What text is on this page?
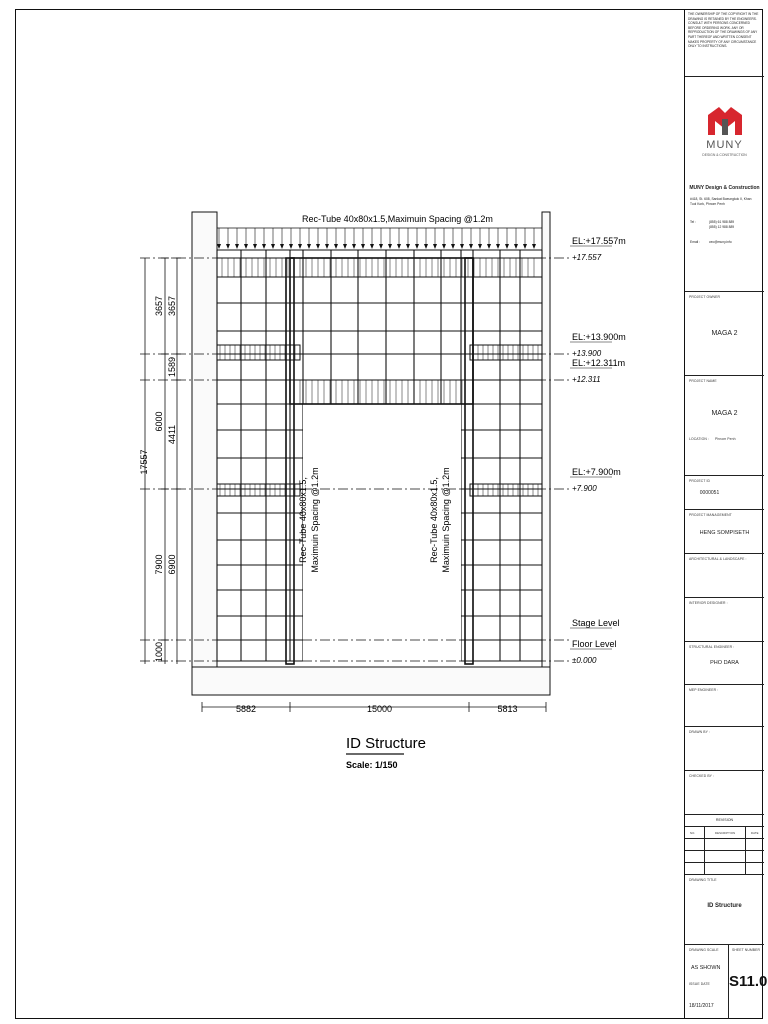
EL:+17.557m
+17.557
EL:+13.900m
+13.900
EL:+12.311m
+12.311
EL:+7.900m
+7.900
Stage Level
Floor Level
±0.000
Rec-Tube 40x80x1.5,Maximuin Spacing @1.2m
Rec-Tube 40x80x1.5, Maximuin Spacing @1.2m	Rec-Tube 40x80x1.5, Maximuin Spacing @1.2m
17557
3657
6000
7900
1000
3657
1589
4411
6900
5882	15000	5813
ID Structure
Scale: 1/150
THE OWNERSHIP OF THE COPYRIGHT IN THE DRAWING IS RETAINED BY THE ENGINEERS. CONSULT WITH PERSONS CONCERNED BEFORE ORDERING WORK. ANY OR REPRODUCTION OF THE DRAWINGS OF ANY PART THEREOF AND WRITTEN CONSENT MAKES PROPERTY OF ANY CIRCUMSTANCE ONLY TO INSTRUCTIONS.
MUNY
DESIGN & CONSTRUCTION
MUNY Design & Construction
#418, St. 608, Sankat Boeungkok II, Khan
Tuol Kork, Phnom Penh
Tel :	(855) 61 988 889
(855) 12 988 889
Email :	ceo@muny.info
PROJECT OWNER
MAGA 2
PROJECT NAME
MAGA 2
LOCATION : Phnom Penh
PROJECT ID
0000051
PROJECT MANAGEMENT
HENG SOMPISETH
ARCHITECTURAL & LANDSCAPE :
INTERIOR DESIGNER :
STRUCTURAL ENGINEER :
PHO DARA
MEP ENGINEER :
DRAWN BY :
CHECKED BY :
REVISION
NO.	DESCRIPTION	DATE
DRAWING TITLE
ID Structure
DRAWING SCALE
AS SHOWN
ISSUE DATE
18/11/2017
SHEET NUMBER
S11.0
